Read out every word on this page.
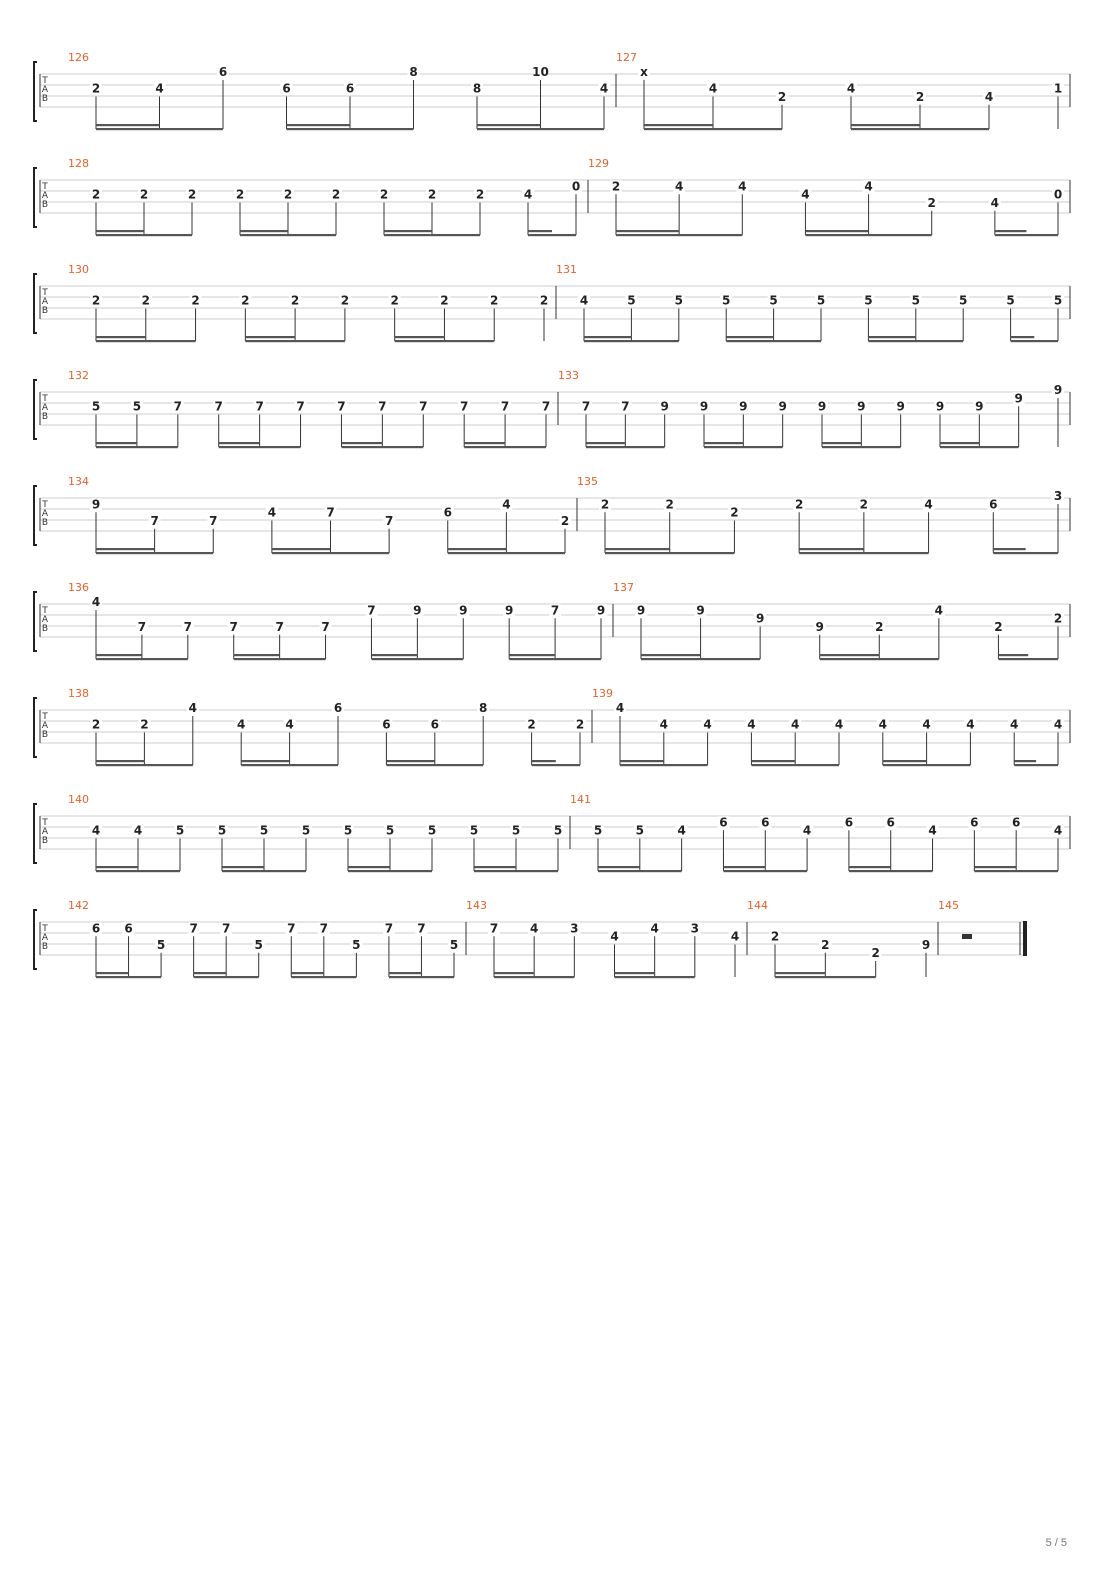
T
A
B
126
2	4
6
6	6
8
8
10
4
127
x
4
2
4
2	4
1
T
A
B
128
2	2	2	2	2	2	2	2	2	4
0
129
2	4	4
4
4
2	4
0
T
A
B
130
2	2	2	2	2	2	2	2	2	2
131
4	5	5	5	5	5	5	5	5	5	5
T
A
B
132
5	5	7	7	7	7	7	7	7	7	7	7
133
7	7	9	9	9	9	9	9	9	9	9
9
9
T
A
B
134
9
7	7
4	7
7
6
4
2
135
2	2
2
2	2	4	6
3
T
A
B
136
4
7	7	7	7	7
7	9	9	9	7	9
137
9	9
9
9	2
4
2
2
T
A
B
138
2	2
4
4	4
6
6	6
8
2	2
139
4
4	4	4	4	4	4	4	4	4	4
T
A
B
140
4	4	5	5	5	5	5	5	5	5	5	5
141
5	5	4
6	6
4
6	6
4
6	6
4
T
A
B
142
6 6
5
7 7
5
7 7
5
7 7
5
143
7	4	3
4
4	3
4
144
2
2
2
9
145
5 / 5
